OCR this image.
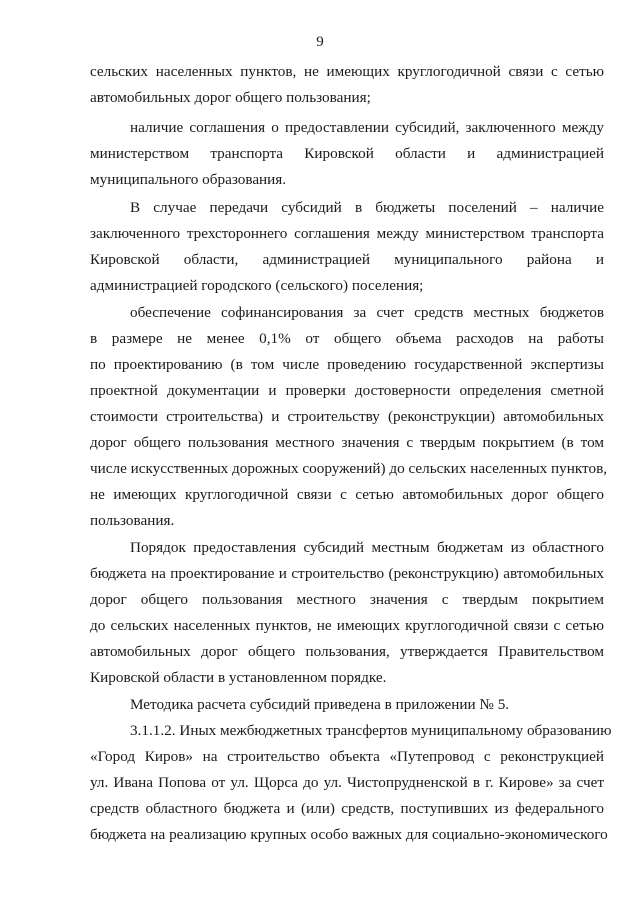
9
сельских населенных пунктов, не имеющих круглогодичной связи с сетью
автомобильных дорог общего пользования;
наличие соглашения о предоставлении субсидий, заключенного между
министерством транспорта Кировской области и администрацией
муниципального образования.
В случае передачи субсидий в бюджеты поселений – наличие
заключенного трехстороннего соглашения между министерством транспорта
Кировской области, администрацией муниципального района и
администрацией городского (сельского) поселения;
обеспечение софинансирования за счет средств местных бюджетов
в размере не менее 0,1% от общего объема расходов на работы
по проектированию (в том числе проведению государственной экспертизы
проектной документации и проверки достоверности определения сметной
стоимости строительства) и строительству (реконструкции) автомобильных
дорог общего пользования местного значения с твердым покрытием (в том
числе искусственных дорожных сооружений) до сельских населенных пунктов,
не имеющих круглогодичной связи с сетью автомобильных дорог общего
пользования.
Порядок предоставления субсидий местным бюджетам из областного
бюджета на проектирование и строительство (реконструкцию) автомобильных
дорог общего пользования местного значения с твердым покрытием
до сельских населенных пунктов, не имеющих круглогодичной связи с сетью
автомобильных дорог общего пользования, утверждается Правительством
Кировской области в установленном порядке.
Методика расчета субсидий приведена в приложении № 5.
3.1.1.2. Иных межбюджетных трансфертов муниципальному образованию
«Город Киров» на строительство объекта «Путепровод с реконструкцией
ул. Ивана Попова от ул. Щорса до ул. Чистопрудненской в г. Кирове» за счет
средств областного бюджета и (или) средств, поступивших из федерального
бюджета на реализацию крупных особо важных для социально-экономического
